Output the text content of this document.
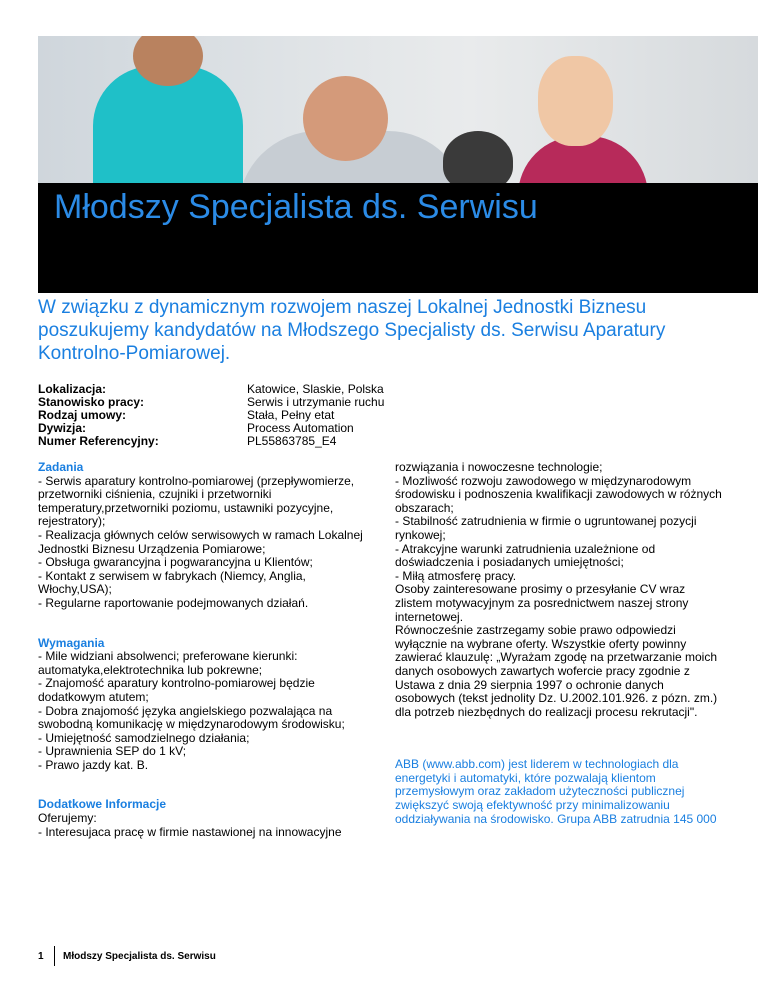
Młodszy Specjalista ds. Serwisu

W związku z dynamicznym rozwojem naszej Lokalnej Jednostki Biznesu poszukujemy kandydatów na Młodszego Specjalisty ds. Serwisu Aparatury Kontrolno-Pomiarowej.

Lokalizacja:	Katowice, Slaskie, Polska
Stanowisko pracy:	Serwis i utrzymanie ruchu
Rodzaj umowy:	Stała, Pełny etat
Dywizja:	Process Automation
Numer Referencyjny:	PL55863785_E4

Zadania

- Serwis aparatury kontrolno-pomiarowej (przepływomierze,

przetworniki ciśnienia, czujniki i przetworniki

temperatury,przetworniki poziomu, ustawniki pozycyjne,

rejestratory);

- Realizacja głównych celów serwisowych w ramach Lokalnej

Jednostki Biznesu Urządzenia Pomiarowe;

- Obsługa gwarancyjna i pogwarancyjna u Klientów;

- Kontakt z serwisem w fabrykach (Niemcy, Anglia,

Włochy,USA);

- Regularne raportowanie podejmowanych działań.

Wymagania

- Mile widziani absolwenci; preferowane kierunki:

automatyka,elektrotechnika lub pokrewne;

- Znajomość aparatury kontrolno-pomiarowej będzie

dodatkowym atutem;

- Dobra znajomość języka angielskiego pozwalająca na

swobodną komunikację w międzynarodowym środowisku;

- Umiejętność samodzielnego działania;

- Uprawnienia SEP do 1 kV;

- Prawo jazdy kat. B.

Dodatkowe Informacje

Oferujemy:

- Interesujaca pracę w firmie nastawionej na innowacyjne

rozwiązania i nowoczesne technologie;

- Mozliwość rozwoju zawodowego w międzynarodowym

środowisku i podnoszenia kwalifikacji zawodowych w różnych

obszarach;

- Stabilność zatrudnienia w firmie o ugruntowanej pozycji

rynkowej;

- Atrakcyjne warunki zatrudnienia uzależnione od

doświadczenia i posiadanych umiejętności;

- Miłą atmosferę pracy.

Osoby zainteresowane prosimy o przesyłanie CV wraz

zlistem motywacyjnym za posrednictwem naszej strony

internetowej.

Równocześnie zastrzegamy sobie prawo odpowiedzi

wyłącznie na wybrane oferty. Wszystkie oferty powinny

zawierać klauzulę: „Wyrażam zgodę na przetwarzanie moich

danych osobowych zawartych wofercie pracy zgodnie z

Ustawa z dnia 29 sierpnia 1997 o ochronie danych

osobowych (tekst jednolity Dz. U.2002.101.926. z pózn. zm.)

dla potrzeb niezbędnych do realizacji procesu rekrutacji".

ABB (www.abb.com) jest liderem w technologiach dla

energetyki i automatyki, które pozwalają klientom

przemysłowym oraz zakładom użyteczności publicznej

zwiększyć swoją efektywność przy minimalizowaniu

oddziaływania na środowisko. Grupa ABB zatrudnia 145 000

1	Młodszy Specjalista ds. Serwisu
